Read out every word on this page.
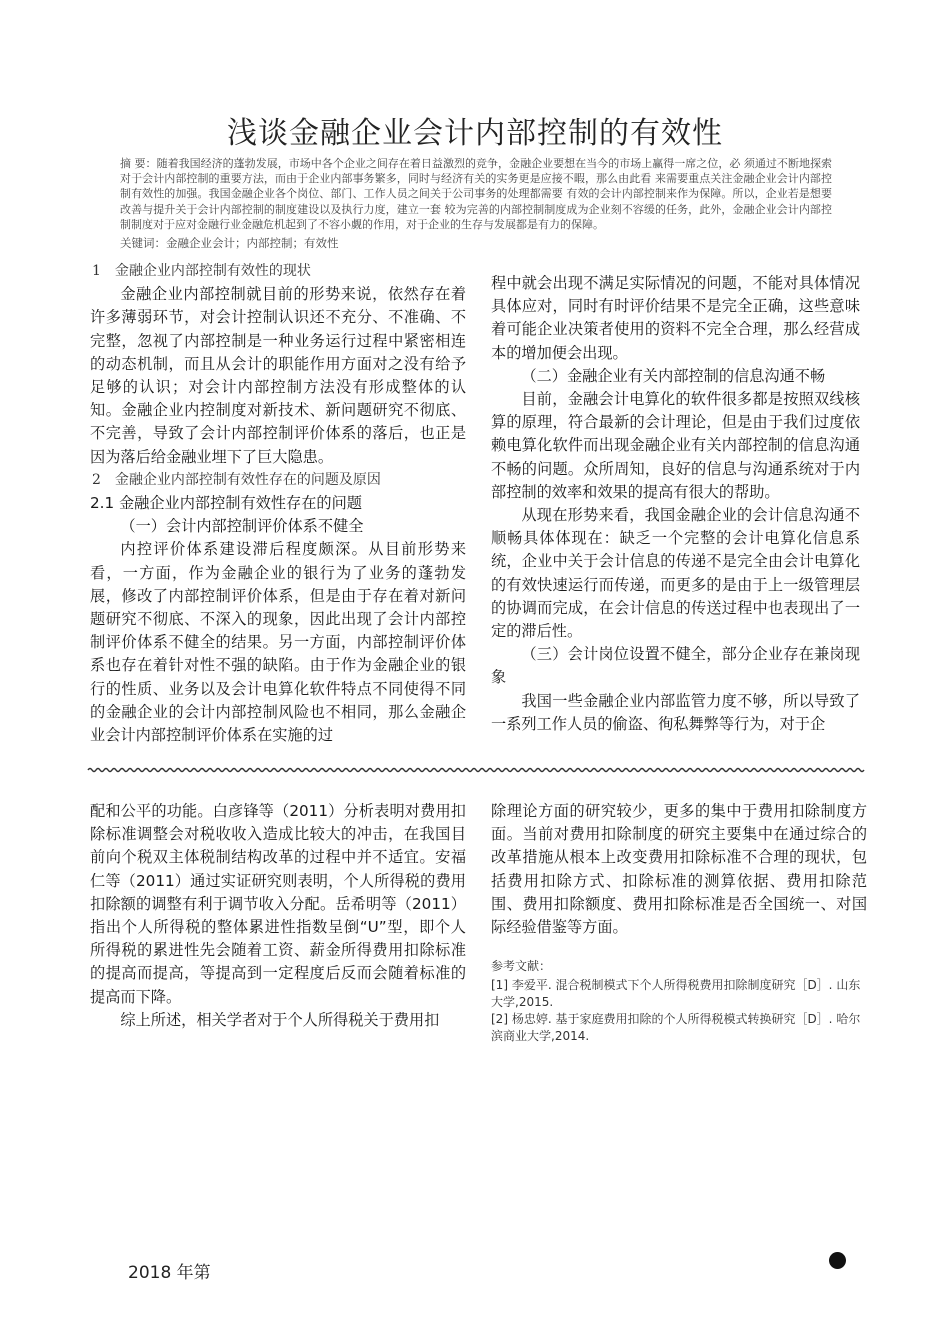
浅谈金融企业会计内部控制的有效性
摘 要：随着我国经济的蓬勃发展，市场中各个企业之间存在着日益激烈的竞争，金融企业要想在当今的市场上赢得一席之位，必 须通过不断地探索对于会计内部控制的重要方法，而由于企业内部事务繁多，同时与经济有关的实务更是应接不暇，那么由此看 来需要重点关注金融企业会计内部控制有效性的加强。我国金融企业各个岗位、部门、工作人员之间关于公司事务的处理都需要 有效的会计内部控制来作为保障。所以，企业若是想要改善与提升关于会计内部控制的制度建设以及执行力度，建立一套 较为完善的内部控制制度成为企业刻不容缓的任务，此外，金融企业会计内部控制制度对于应对金融行业金融危机起到了不容小觑的作用，对于企业的生存与发展都是有力的保障。
关键词：金融企业会计；内部控制；有效性

1　金融企业内部控制有效性的现状

金融企业内部控制就目前的形势来说，依然存在着许多薄弱环节，对会计控制认识还不充分、不准确、不完整，忽视了内部控制是一种业务运行过程中紧密相连的动态机制，而且从会计的职能作用方面对之没有给予足够的认识；对会计内部控制方法没有形成整体的认知。金融企业内控制度对新技术、新问题研究不彻底、不完善，导致了会计内部控制评价体系的落后，也正是因为落后给金融业埋下了巨大隐患。

2　金融企业内部控制有效性存在的问题及原因

2.1 金融企业内部控制有效性存在的问题

（一）会计内部控制评价体系不健全

内控评价体系建设滞后程度颇深。从目前形势来看，一方面，作为金融企业的银行为了业务的蓬勃发展，修改了内部控制评价体系，但是由于存在着对新问题研究不彻底、不深入的现象，因此出现了会计内部控制评价体系不健全的结果。另一方面，内部控制评价体系也存在着针对性不强的缺陷。由于作为金融企业的银行的性质、业务以及会计电算化软件特点不同使得不同的金融企业的会计内部控制风险也不相同，那么金融企业会计内部控制评价体系在实施的过

程中就会出现不满足实际情况的问题，不能对具体情况具体应对，同时有时评价结果不是完全正确，这些意味着可能企业决策者使用的资料不完全合理，那么经营成本的增加便会出现。

（二）金融企业有关内部控制的信息沟通不畅

目前，金融会计电算化的软件很多都是按照双线核算的原理，符合最新的会计理论，但是由于我们过度依赖电算化软件而出现金融企业有关内部控制的信息沟通不畅的问题。众所周知，良好的信息与沟通系统对于内部控制的效率和效果的提高有很大的帮助。

从现在形势来看，我国金融企业的会计信息沟通不顺畅具体体现在：缺乏一个完整的会计电算化信息系统，企业中关于会计信息的传递不是完全由会计电算化的有效快速运行而传递，而更多的是由于上一级管理层的协调而完成，在会计信息的传送过程中也表现出了一定的滞后性。

（三）会计岗位设置不健全，部分企业存在兼岗现象

我国一些金融企业内部监管力度不够，所以导致了一系列工作人员的偷盗、徇私舞弊等行为，对于企

配和公平的功能。白彦锋等（2011）分析表明对费用扣除标准调整会对税收收入造成比较大的冲击，在我国目前向个税双主体税制结构改革的过程中并不适宜。安福仁等（2011）通过实证研究则表明，个人所得税的费用扣除额的调整有利于调节收入分配。岳希明等（2011）指出个人所得税的整体累进性指数呈倒“U”型，即个人所得税的累进性先会随着工资、薪金所得费用扣除标准的提高而提高，等提高到一定程度后反而会随着标准的提高而下降。

综上所述，相关学者对于个人所得税关于费用扣

除理论方面的研究较少，更多的集中于费用扣除制度方面。当前对费用扣除制度的研究主要集中在通过综合的改革措施从根本上改变费用扣除标准不合理的现状，包括费用扣除方式、扣除标准的测算依据、费用扣除范围、费用扣除额度、费用扣除标准是否全国统一、对国际经验借鉴等方面。

参考文献：

[1] 李爱平. 混合税制模式下个人所得税费用扣除制度研究［D］. 山东大学,2015.

[2] 杨忠婷. 基于家庭费用扣除的个人所得税模式转换研究［D］. 哈尔滨商业大学,2014.

2018 年第
